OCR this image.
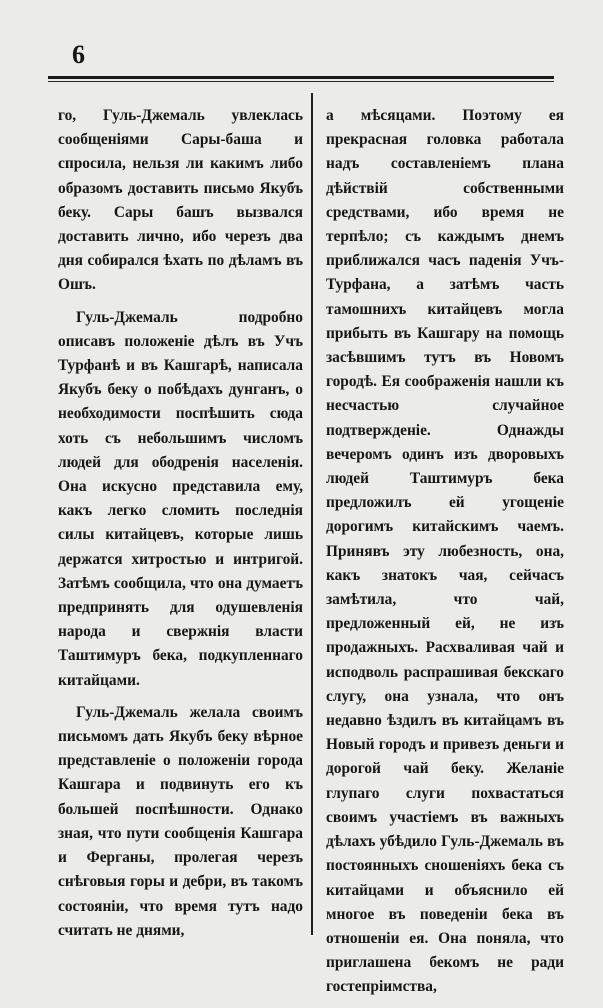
6

го, Гуль-Джемаль увлеклась сообщеніями Сары-баша и спросила, нельзя ли какимъ либо образомъ доставить письмо Якубъ беку. Сары башъ вызвался доставить лично, ибо черезъ два дня собирался ѣхать по дѣламъ въ Ошъ.

Гуль-Джемаль подробно описавъ положеніе дѣлъ въ Учъ Турфанѣ и въ Кашгарѣ, написала Якубъ беку о побѣдахъ дунганъ, о необходимости поспѣшить сюда хоть съ небольшимъ числомъ людей для ободренія населенія. Она искусно представила ему, какъ легко сломить последнія силы китайцевъ, которые лишь держатся хитростью и интригой. Затѣмъ сообщила, что она думаетъ предпринять для одушевленія народа и свержнія власти Таштимуръ бека, подкупленнаго китайцами.

Гуль-Джемаль желала своимъ письмомъ дать Якубъ беку вѣрное представленіе о положеніи города Кашгара и подвинуть его къ большей поспѣшности. Однако зная, что пути сообщенія Кашгара и Ферганы, пролегая черезъ снѣговыя горы и дебри, въ такомъ состояніи, что время тутъ надо считать не днями,

а мѣсяцами. Поэтому ея прекрасная головка работала надъ составленіемъ плана дѣйствій собственными средствами, ибо время не терпѣло; съ каждымъ днемъ приближался часъ паденія Учъ-Турфана, а затѣмъ часть тамошнихъ китайцевъ могла прибыть въ Кашгару на помощь засѣвшимъ тутъ въ Новомъ городѣ. Ея соображенія нашли къ несчастью случайное подтвержденіе. Однажды вечеромъ одинъ изъ дворовыхъ людей Таштимуръ бека предложилъ ей угощеніе дорогимъ китайскимъ чаемъ. Принявъ эту любезность, она, какъ знатокъ чая, сейчасъ замѣтила, что чай, предложенный ей, не изъ продажныхъ. Расхваливая чай и исподволь распрашивая бекскаго слугу, она узнала, что онъ недавно ѣздилъ въ китайцамъ въ Новый городъ и привезъ деньги и дорогой чай беку. Желаніе глупаго слуги похвастаться своимъ участіемъ въ важныхъ дѣлахъ убѣдило Гуль-Джемаль въ постоянныхъ сношеніяхъ бека съ китайцами и объяснило ей многое въ поведеніи бека въ отношеніи ея. Она поняла, что приглашена бекомъ не ради гостепріимства,
